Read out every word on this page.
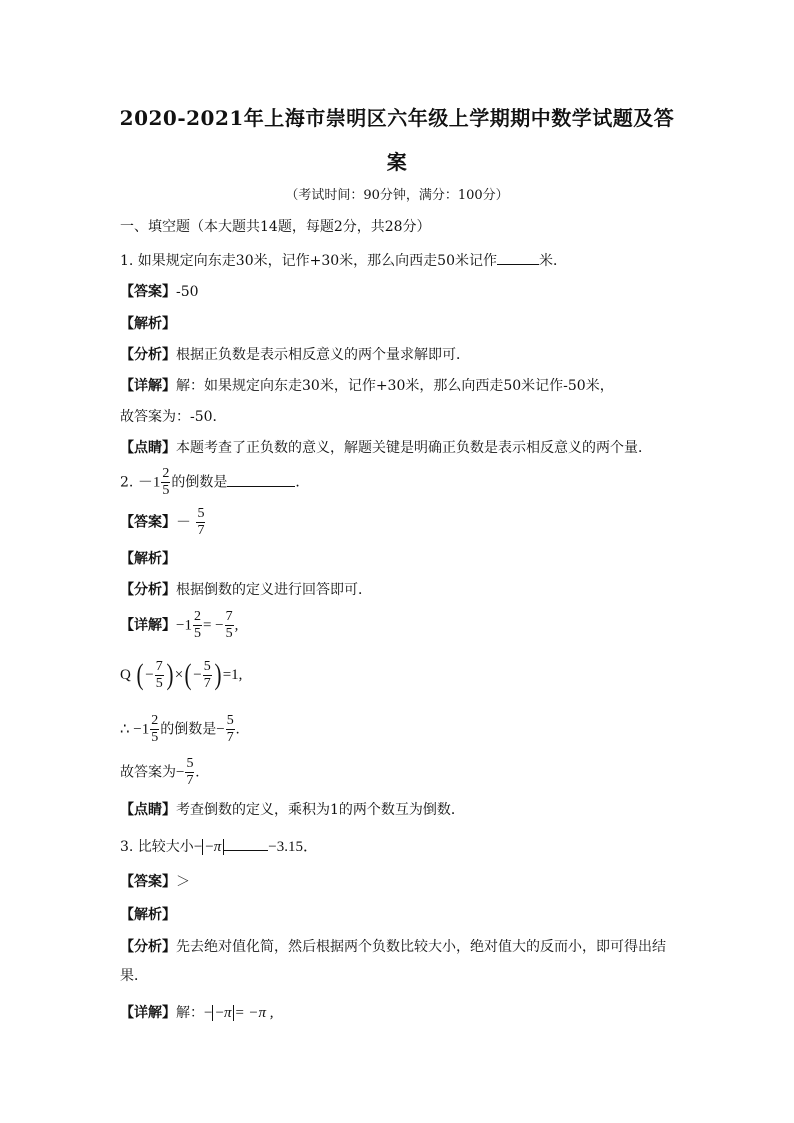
2020-2021年上海市崇明区六年级上学期期中数学试题及答
案
（考试时间：90分钟，满分：100分）
一、填空题（本大题共14题，每题2分，共28分）
1. 如果规定向东走30米，记作+30米，那么向西走50米记作	米．
【答案】-50
【解析】
【分析】根据正负数是表示相反意义的两个量求解即可．
【详解】解：如果规定向东走30米，记作+30米，那么向西走50米记作-50米，
故答案为：-50．
【点睛】本题考查了正负数的意义，解题关键是明确正负数是表示相反意义的两个量．
2. $-1 \frac{2}{5}$ 的倒数是	．
【答案】－ $\frac{5}{7}$
【解析】
【分析】根据倒数的定义进行回答即可．
【详解】$-1 \frac{2}{5}$ = − $\frac{7}{5}$ ,
Q ( − $\frac{7}{5}$ ) ×( − $\frac{5}{7}$ ) =1,
∴ $-1 \frac{2}{5}$ 的倒数是− $\frac{5}{7}$ .
故答案为− $\frac{5}{7}$ .
【点睛】考查倒数的定义，乘积为1的两个数互为倒数．
3. 比较大小− −π	−3.15．
【答案】＞
【解析】
【分析】先去绝对值化简，然后根据两个负数比较大小，绝对值大的反而小，即可得出结
果．
【详解】解：− −π = −π ,
